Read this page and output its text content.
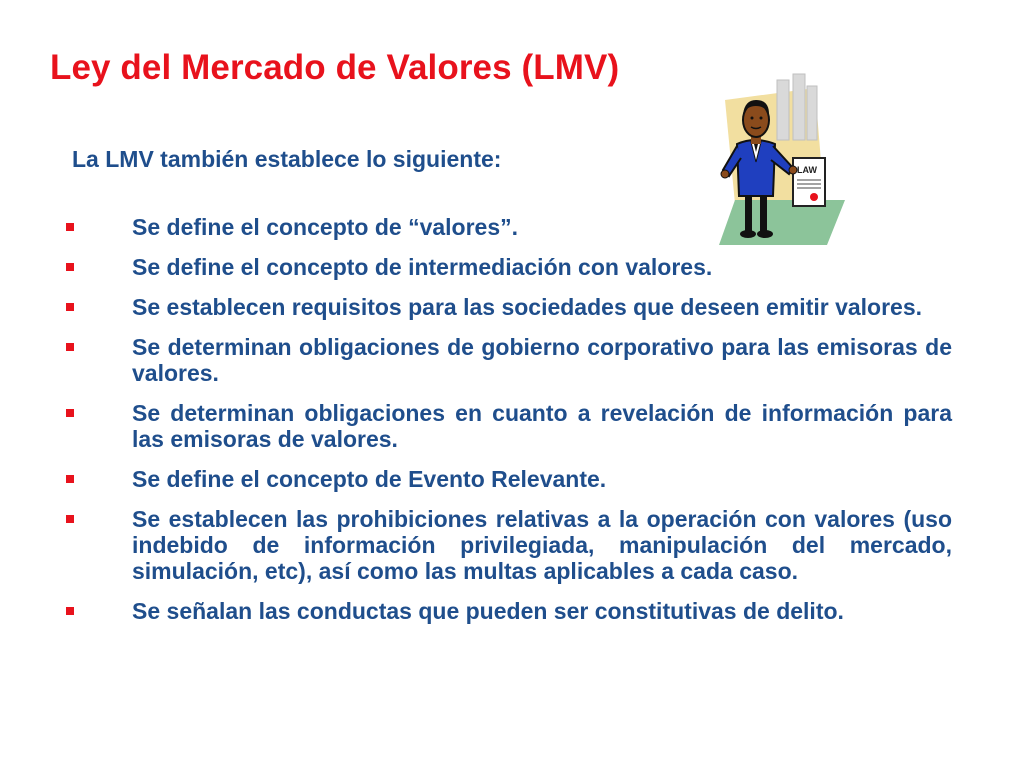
Ley del Mercado de Valores (LMV)
La LMV también establece lo siguiente:	LAW
Se define el concepto de “valores”.
Se define el concepto de intermediación con valores.
Se establecen requisitos para las sociedades que deseen emitir valores.
Se determinan obligaciones de gobierno corporativo para las emisoras de valores.
Se determinan obligaciones en cuanto a revelación de información para las emisoras de valores.
Se define el concepto de Evento Relevante.
Se establecen las prohibiciones relativas a la operación con valores (uso indebido de información privilegiada, manipulación del mercado, simulación, etc), así como las multas aplicables a cada caso.
Se señalan las conductas que pueden ser constitutivas de delito.
